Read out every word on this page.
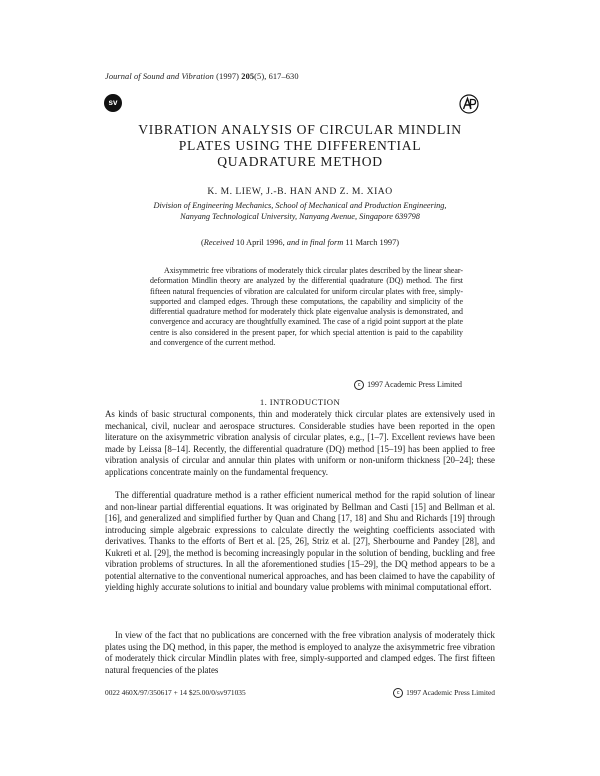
Journal of Sound and Vibration (1997) 205(5), 617–630
sv
VIBRATION ANALYSIS OF CIRCULAR MINDLIN
PLATES USING THE DIFFERENTIAL
QUADRATURE METHOD
K. M. LIEW, J.-B. HAN AND Z. M. XIAO
Division of Engineering Mechanics, School of Mechanical and Production Engineering,
Nanyang Technological University, Nanyang Avenue, Singapore 639798
(Received 10 April 1996, and in final form 11 March 1997)

Axisymmetric free vibrations of moderately thick circular plates described by the linear shear-deformation Mindlin theory are analyzed by the differential quadrature (DQ) method. The first fifteen natural frequencies of vibration are calculated for uniform circular plates with free, simply-supported and clamped edges. Through these computations, the capability and simplicity of the differential quadrature method for moderately thick plate eigenvalue analysis is demonstrated, and convergence and accuracy are thoughtfully examined. The case of a rigid point support at the plate centre is also considered in the present paper, for which special attention is paid to the capability and convergence of the current method.

c 1997 Academic Press Limited
1. INTRODUCTION

As kinds of basic structural components, thin and moderately thick circular plates are extensively used in mechanical, civil, nuclear and aerospace structures. Considerable studies have been reported in the open literature on the axisymmetric vibration analysis of circular plates, e.g., [1–7]. Excellent reviews have been made by Leissa [8–14]. Recently, the differential quadrature (DQ) method [15–19] has been applied to free vibration analysis of circular and annular thin plates with uniform or non-uniform thickness [20–24]; these applications concentrate mainly on the fundamental frequency.

The differential quadrature method is a rather efficient numerical method for the rapid solution of linear and non-linear partial differential equations. It was originated by Bellman and Casti [15] and Bellman et al. [16], and generalized and simplified further by Quan and Chang [17, 18] and Shu and Richards [19] through introducing simple algebraic expressions to calculate directly the weighting coefficients associated with derivatives. Thanks to the efforts of Bert et al. [25, 26], Striz et al. [27], Sherbourne and Pandey [28], and Kukreti et al. [29], the method is becoming increasingly popular in the solution of bending, buckling and free vibration problems of structures. In all the aforementioned studies [15–29], the DQ method appears to be a potential alternative to the conventional numerical approaches, and has been claimed to have the capability of yielding highly accurate solutions to initial and boundary value problems with minimal computational effort.

In view of the fact that no publications are concerned with the free vibration analysis of moderately thick plates using the DQ method, in this paper, the method is employed to analyze the axisymmetric free vibration of moderately thick circular Mindlin plates with free, simply-supported and clamped edges. The first fifteen natural frequencies of the plates

0022 460X/97/350617 + 14 $25.00/0/sv971035	c 1997 Academic Press Limited
